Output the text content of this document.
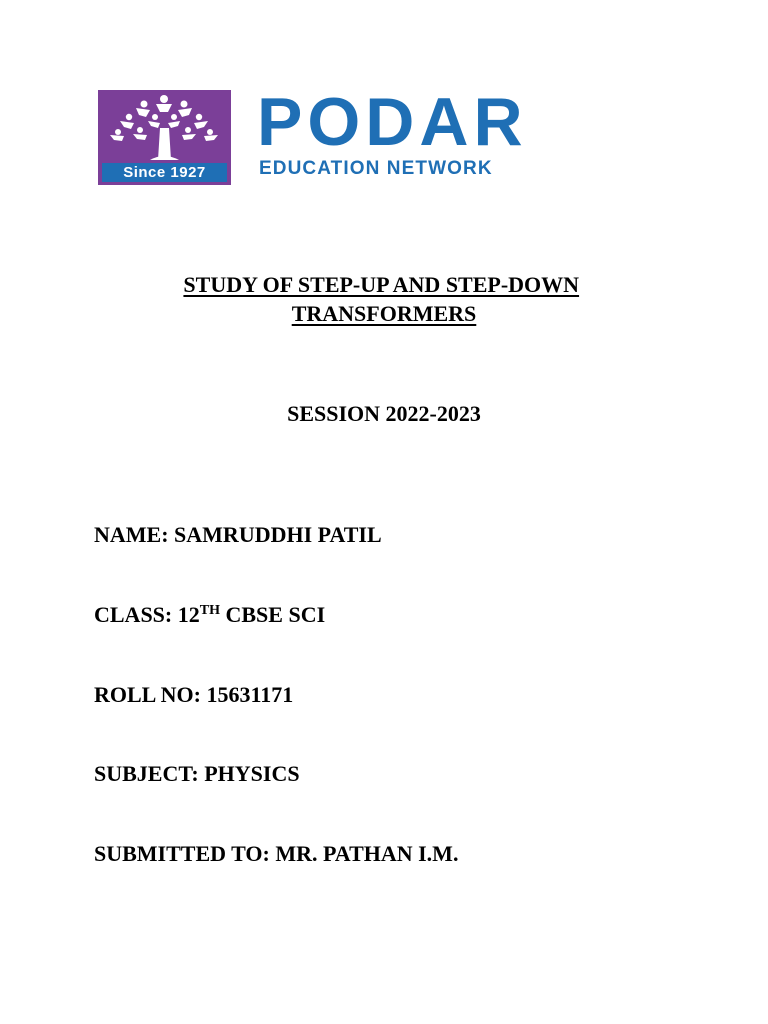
Since 1927
PODAR
EDUCATION NETWORK
STUDY OF STEP-UP AND STEP-DOWN
TRANSFORMERS
SESSION 2022-2023
NAME: SAMRUDDHI PATIL
CLASS: 12TH CBSE SCI
ROLL NO: 15631171
SUBJECT: PHYSICS
SUBMITTED TO: MR. PATHAN I.M.
